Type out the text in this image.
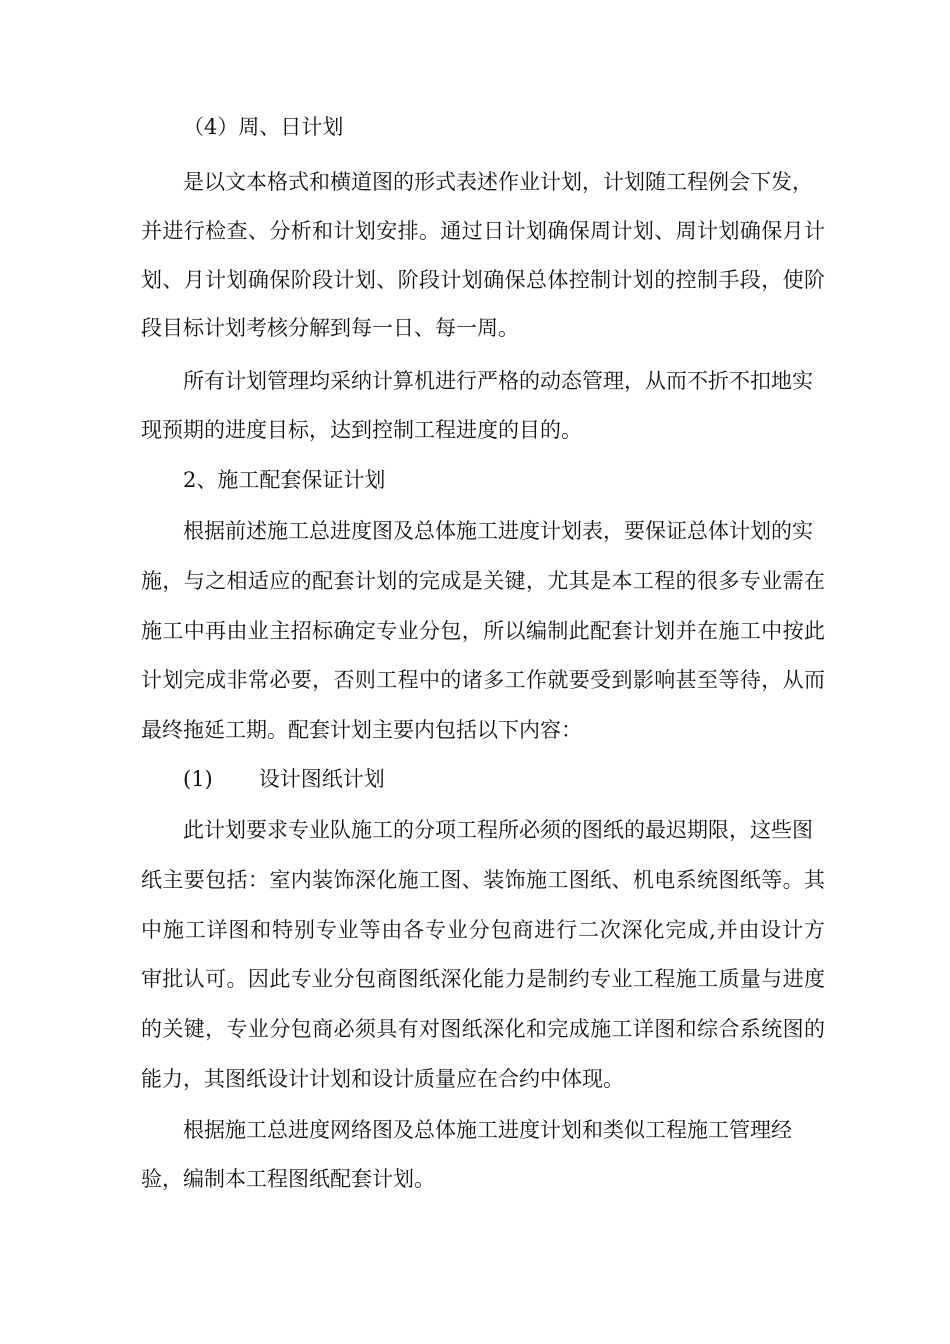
（4）周、日计划
是以文本格式和横道图的形式表述作业计划，计划随工程例会下发，
并进行检查、分析和计划安排。通过日计划确保周计划、周计划确保月计
划、月计划确保阶段计划、阶段计划确保总体控制计划的控制手段，使阶
段目标计划考核分解到每一日、每一周。
所有计划管理均采纳计算机进行严格的动态管理，从而不折不扣地实
现预期的进度目标，达到控制工程进度的目的。
2、施工配套保证计划
根据前述施工总进度图及总体施工进度计划表，要保证总体计划的实
施，与之相适应的配套计划的完成是关键，尤其是本工程的很多专业需在
施工中再由业主招标确定专业分包，所以编制此配套计划并在施工中按此
计划完成非常必要，否则工程中的诸多工作就要受到影响甚至等待，从而
最终拖延工期。配套计划主要内包括以下内容：
(1) 设计图纸计划
此计划要求专业队施工的分项工程所必须的图纸的最迟期限，这些图
纸主要包括：室内装饰深化施工图、装饰施工图纸、机电系统图纸等。其
中施工详图和特别专业等由各专业分包商进行二次深化完成,并由设计方
审批认可。因此专业分包商图纸深化能力是制约专业工程施工质量与进度
的关键，专业分包商必须具有对图纸深化和完成施工详图和综合系统图的
能力，其图纸设计计划和设计质量应在合约中体现。
根据施工总进度网络图及总体施工进度计划和类似工程施工管理经
验，编制本工程图纸配套计划。
